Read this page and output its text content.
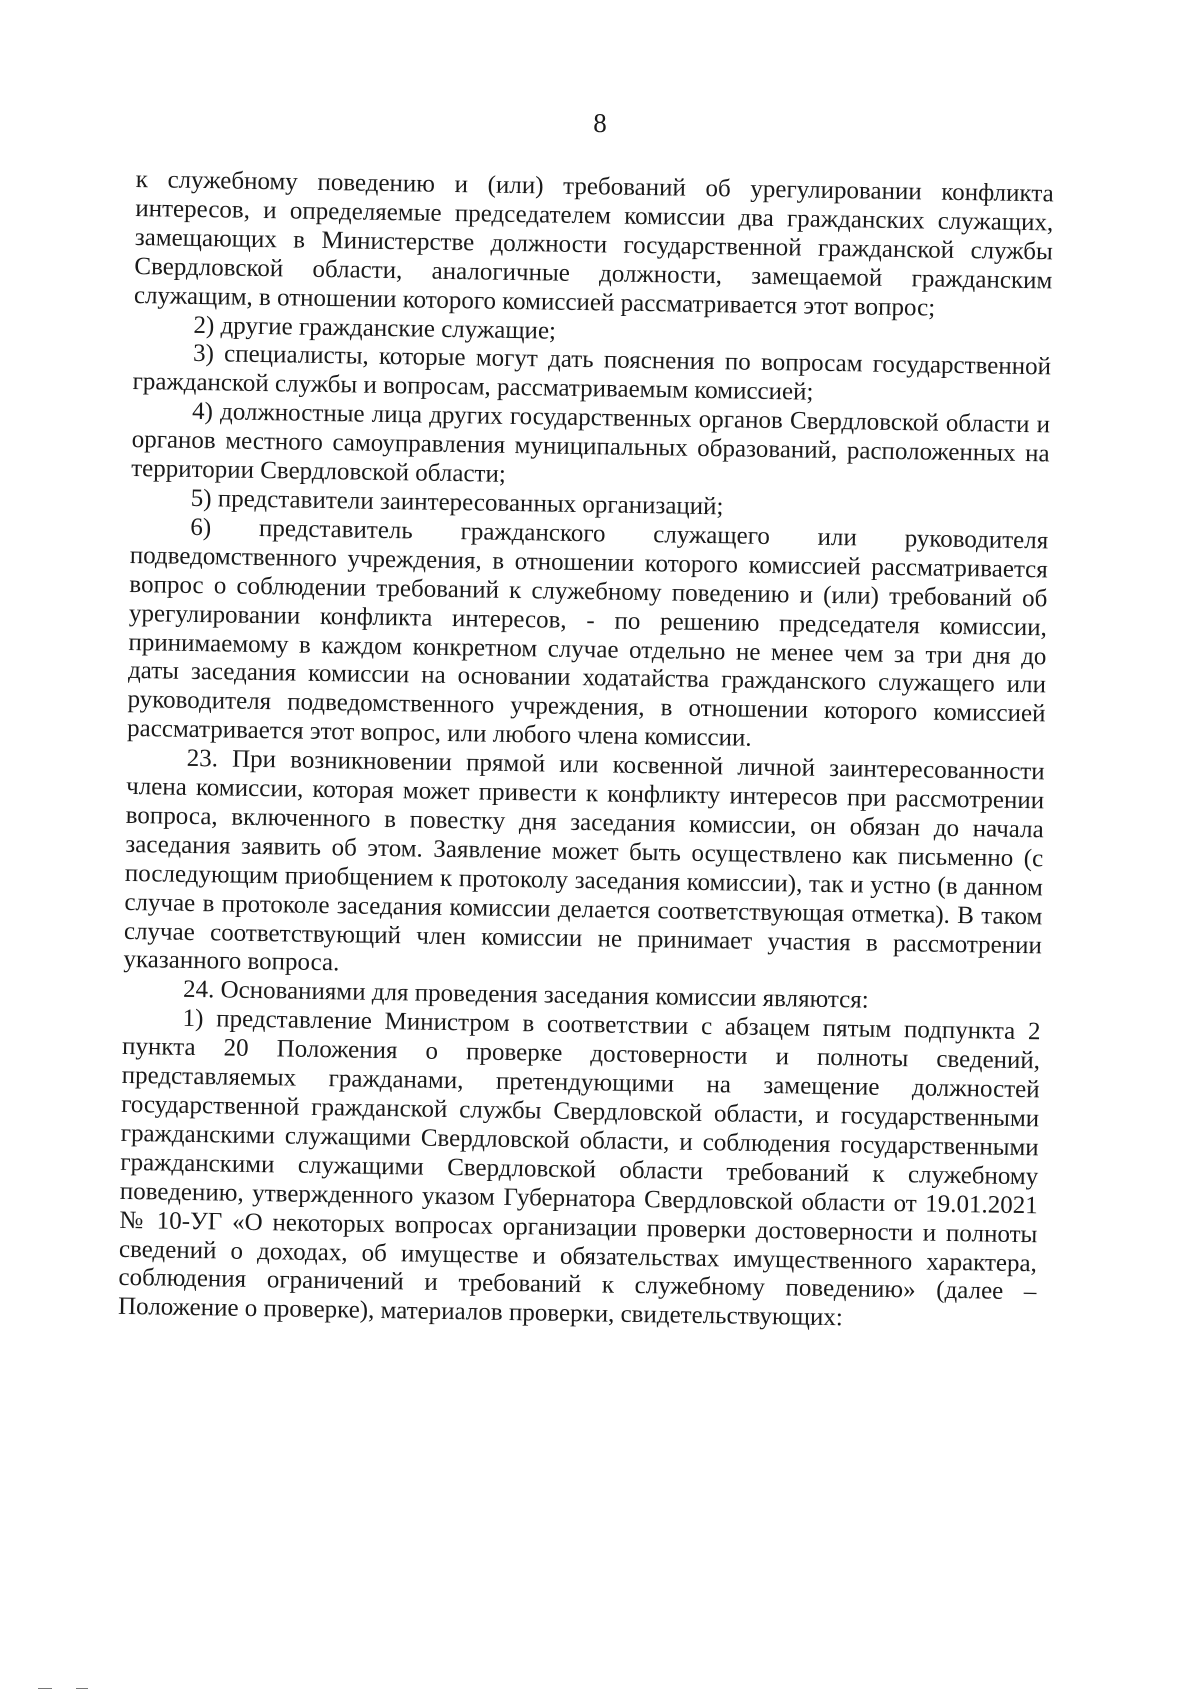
8

к служебному поведению и (или) требований об урегулировании конфликта интересов, и определяемые председателем комиссии два гражданских служащих, замещающих в Министерстве должности государственной гражданской службы Свердловской области, аналогичные должности, замещаемой гражданским служащим, в отношении которого комиссией рассматривается этот вопрос;

2) другие гражданские служащие;

3) специалисты, которые могут дать пояснения по вопросам государственной гражданской службы и вопросам, рассматриваемым комиссией;

4) должностные лица других государственных органов Свердловской области и органов местного самоуправления муниципальных образований, расположенных на территории Свердловской области;

5) представители заинтересованных организаций;

6) представитель гражданского служащего или руководителя подведомственного учреждения, в отношении которого комиссией рассматривается вопрос о соблюдении требований к служебному поведению и (или) требований об урегулировании конфликта интересов, - по решению председателя комиссии, принимаемому в каждом конкретном случае отдельно не менее чем за три дня до даты заседания комиссии на основании ходатайства гражданского служащего или руководителя подведомственного учреждения, в отношении которого комиссией рассматривается этот вопрос, или любого члена комиссии.

23. При возникновении прямой или косвенной личной заинтересованности члена комиссии, которая может привести к конфликту интересов при рассмотрении вопроса, включенного в повестку дня заседания комиссии, он обязан до начала заседания заявить об этом. Заявление может быть осуществлено как письменно (с последующим приобщением к протоколу заседания комиссии), так и устно (в данном случае в протоколе заседания комиссии делается соответствующая отметка). В таком случае соответствующий член комиссии не принимает участия в рассмотрении указанного вопроса.

24. Основаниями для проведения заседания комиссии являются:

1) представление Министром в соответствии с абзацем пятым подпункта 2 пункта 20 Положения о проверке достоверности и полноты сведений, представляемых гражданами, претендующими на замещение должностей государственной гражданской службы Свердловской области, и государственными гражданскими служащими Свердловской области, и соблюдения государственными гражданскими служащими Свердловской области требований к служебному поведению, утвержденного указом Губернатора Свердловской области от 19.01.2021 № 10-УГ «О некоторых вопросах организации проверки достоверности и полноты сведений о доходах, об имуществе и обязательствах имущественного характера, соблюдения ограничений и требований к служебному поведению» (далее – Положение о проверке), материалов проверки, свидетельствующих:
